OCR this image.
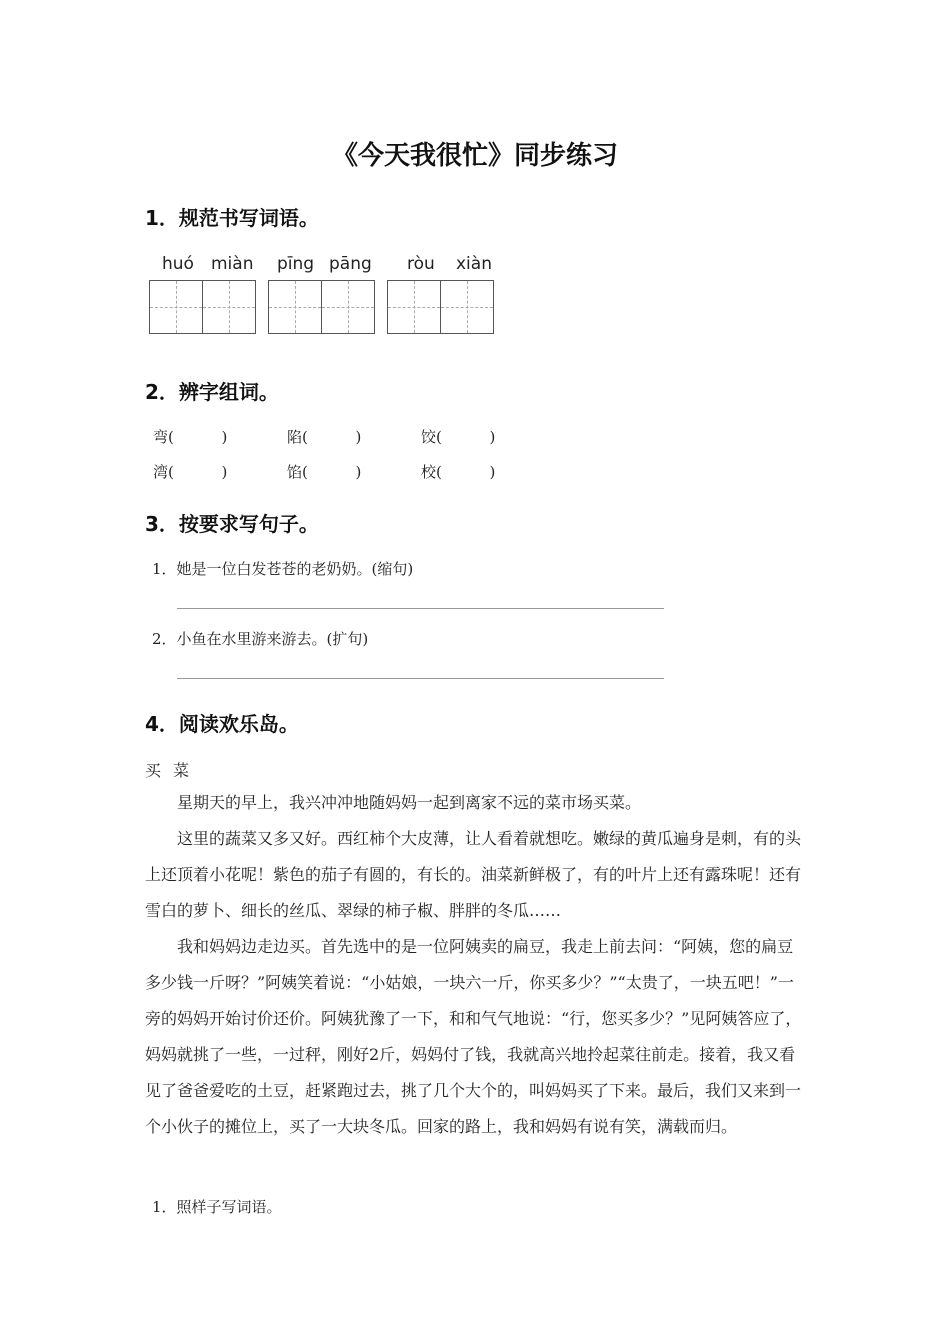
《今天我很忙》同步练习
1．规范书写词语。
huó miàn pīng pāng ròu xiàn
2．辨字组词。
弯(          )	陷(          )	饺(          )
湾(          )	馅(          )	校(          )
3．按要求写句子。
1．她是一位白发苍苍的老奶奶。(缩句)
2．小鱼在水里游来游去。(扩句)
4．阅读欢乐岛。
买菜

星期天的早上，我兴冲冲地随妈妈一起到离家不远的菜市场买菜。

这里的蔬菜又多又好。西红柿个大皮薄，让人看着就想吃。嫩绿的黄瓜遍身是刺，有的头上还顶着小花呢！紫色的茄子有圆的，有长的。油菜新鲜极了，有的叶片上还有露珠呢！还有雪白的萝卜、细长的丝瓜、翠绿的柿子椒、胖胖的冬瓜……

我和妈妈边走边买。首先选中的是一位阿姨卖的扁豆，我走上前去问：“阿姨，您的扁豆多少钱一斤呀？”阿姨笑着说：“小姑娘，一块六一斤，你买多少？”“太贵了，一块五吧！”一旁的妈妈开始讨价还价。阿姨犹豫了一下，和和气气地说：“行，您买多少？”见阿姨答应了，妈妈就挑了一些，一过秤，刚好2斤，妈妈付了钱，我就高兴地拎起菜往前走。接着，我又看见了爸爸爱吃的土豆，赶紧跑过去，挑了几个大个的，叫妈妈买了下来。最后，我们又来到一个小伙子的摊位上，买了一大块冬瓜。回家的路上，我和妈妈有说有笑，满载而归。

1．照样子写词语。
